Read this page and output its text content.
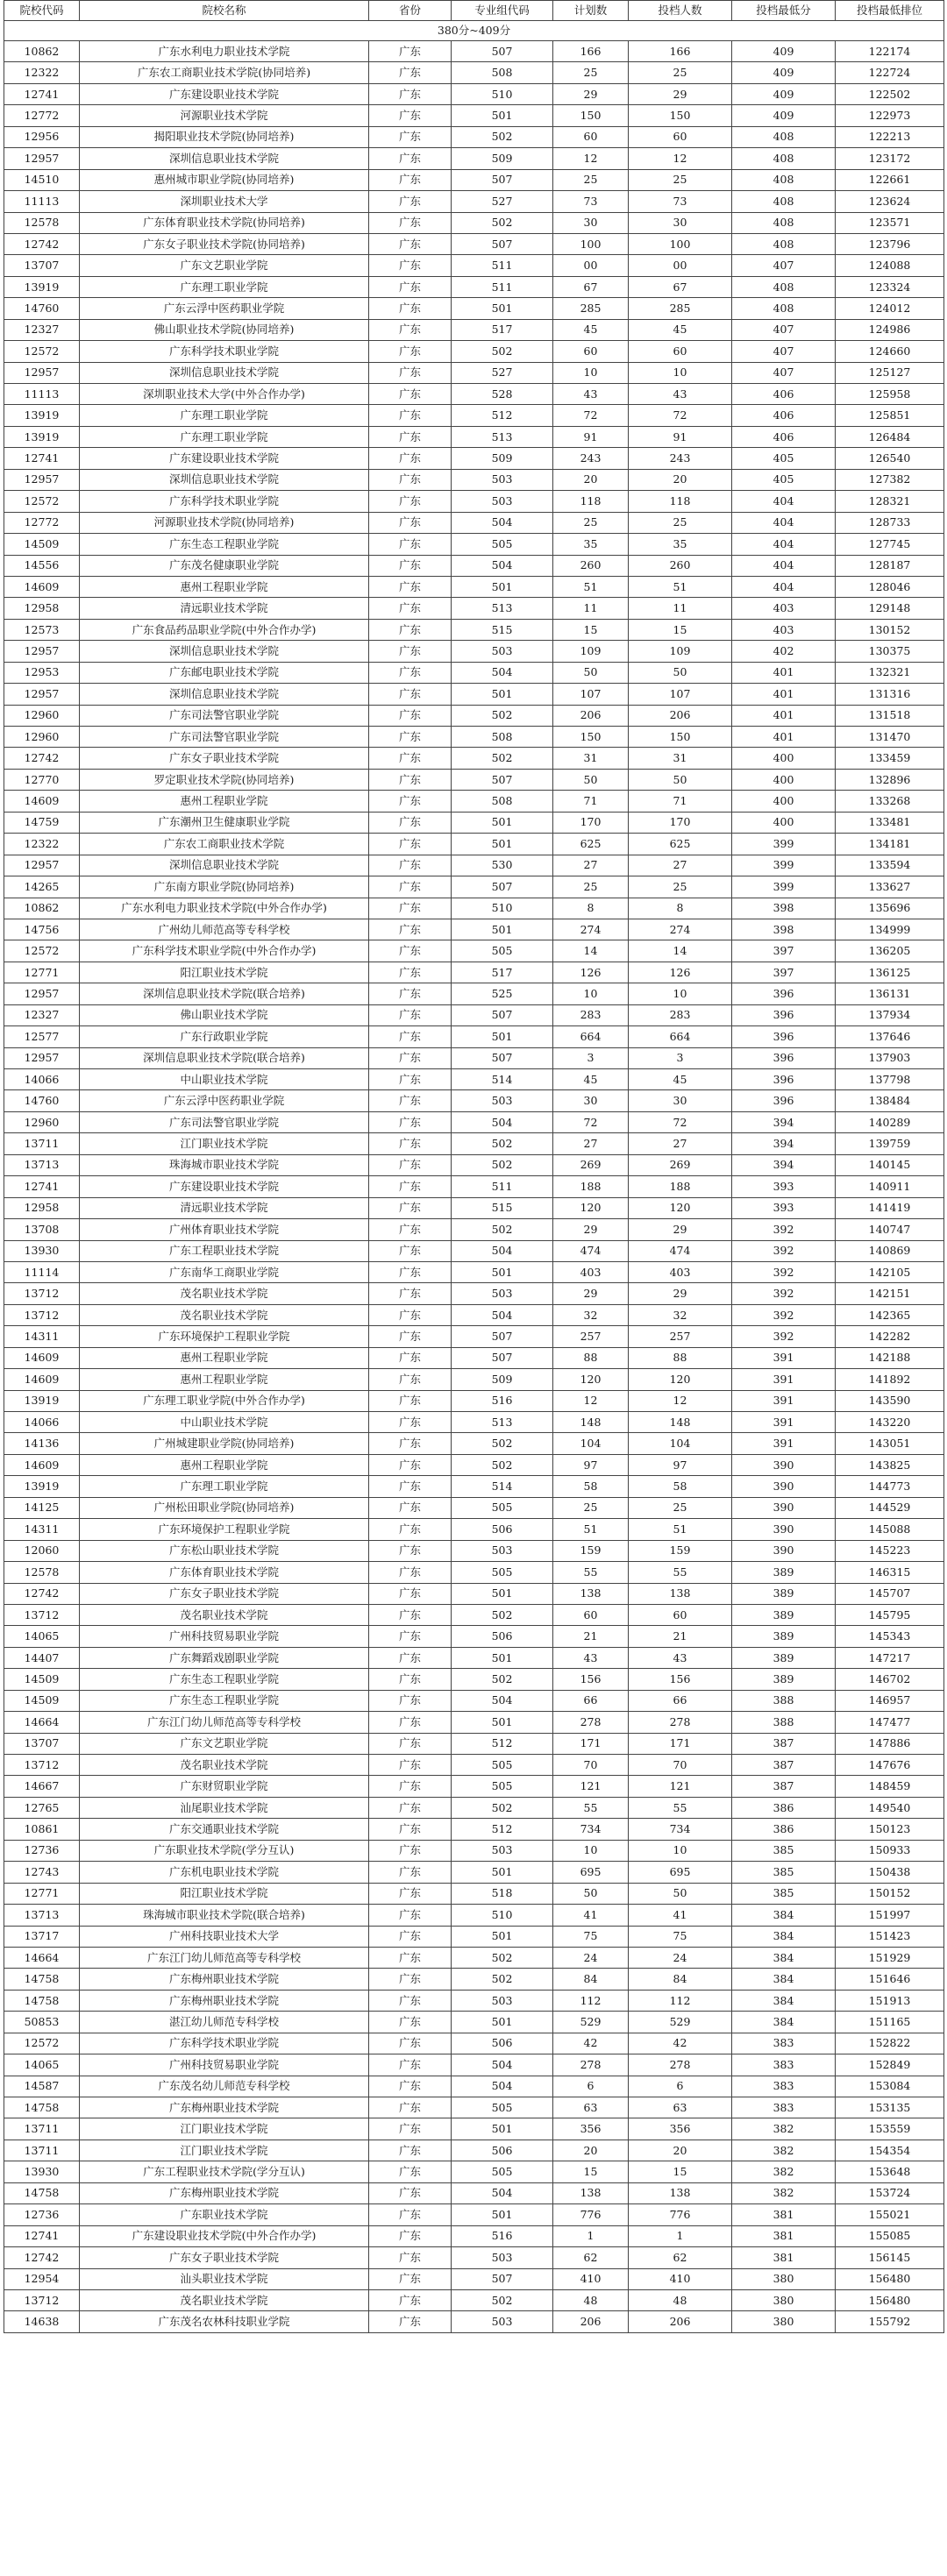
院校代码	院校名称	省份	专业组代码	计划数	投档人数	投档最低分	投档最低排位
380分~409分							
10862	广东水利电力职业技术学院	广东	507	166	166	409	122174
12322	广东农工商职业技术学院(协同培养)	广东	508	25	25	409	122724
12741	广东建设职业技术学院	广东	510	29	29	409	122502
12772	河源职业技术学院	广东	501	150	150	409	122973
12956	揭阳职业技术学院(协同培养)	广东	502	60	60	408	122213
12957	深圳信息职业技术学院	广东	509	12	12	408	123172
14510	惠州城市职业学院(协同培养)	广东	507	25	25	408	122661
11113	深圳职业技术大学	广东	527	73	73	408	123624
12578	广东体育职业技术学院(协同培养)	广东	502	30	30	408	123571
12742	广东女子职业技术学院(协同培养)	广东	507	100	100	408	123796
13707	广东文艺职业学院	广东	511	00	00	407	124088
13919	广东理工职业学院	广东	511	67	67	408	123324
14760	广东云浮中医药职业学院	广东	501	285	285	408	124012
12327	佛山职业技术学院(协同培养)	广东	517	45	45	407	124986
12572	广东科学技术职业学院	广东	502	60	60	407	124660
12957	深圳信息职业技术学院	广东	527	10	10	407	125127
11113	深圳职业技术大学(中外合作办学)	广东	528	43	43	406	125958
13919	广东理工职业学院	广东	512	72	72	406	125851
13919	广东理工职业学院	广东	513	91	91	406	126484
12741	广东建设职业技术学院	广东	509	243	243	405	126540
12957	深圳信息职业技术学院	广东	503	20	20	405	127382
12572	广东科学技术职业学院	广东	503	118	118	404	128321
12772	河源职业技术学院(协同培养)	广东	504	25	25	404	128733
14509	广东生态工程职业学院	广东	505	35	35	404	127745
14556	广东茂名健康职业学院	广东	504	260	260	404	128187
14609	惠州工程职业学院	广东	501	51	51	404	128046
12958	清远职业技术学院	广东	513	11	11	403	129148
12573	广东食品药品职业学院(中外合作办学)	广东	515	15	15	403	130152
12957	深圳信息职业技术学院	广东	503	109	109	402	130375
12953	广东邮电职业技术学院	广东	504	50	50	401	132321
12957	深圳信息职业技术学院	广东	501	107	107	401	131316
12960	广东司法警官职业学院	广东	502	206	206	401	131518
12960	广东司法警官职业学院	广东	508	150	150	401	131470
12742	广东女子职业技术学院	广东	502	31	31	400	133459
12770	罗定职业技术学院(协同培养)	广东	507	50	50	400	132896
14609	惠州工程职业学院	广东	508	71	71	400	133268
14759	广东潮州卫生健康职业学院	广东	501	170	170	400	133481
12322	广东农工商职业技术学院	广东	501	625	625	399	134181
12957	深圳信息职业技术学院	广东	530	27	27	399	133594
14265	广东南方职业学院(协同培养)	广东	507	25	25	399	133627
10862	广东水利电力职业技术学院(中外合作办学)	广东	510	8	8	398	135696
14756	广州幼儿师范高等专科学校	广东	501	274	274	398	134999
12572	广东科学技术职业学院(中外合作办学)	广东	505	14	14	397	136205
12771	阳江职业技术学院	广东	517	126	126	397	136125
12957	深圳信息职业技术学院(联合培养)	广东	525	10	10	396	136131
12327	佛山职业技术学院	广东	507	283	283	396	137934
12577	广东行政职业学院	广东	501	664	664	396	137646
12957	深圳信息职业技术学院(联合培养)	广东	507	3	3	396	137903
14066	中山职业技术学院	广东	514	45	45	396	137798
14760	广东云浮中医药职业学院	广东	503	30	30	396	138484
12960	广东司法警官职业学院	广东	504	72	72	394	140289
13711	江门职业技术学院	广东	502	27	27	394	139759
13713	珠海城市职业技术学院	广东	502	269	269	394	140145
12741	广东建设职业技术学院	广东	511	188	188	393	140911
12958	清远职业技术学院	广东	515	120	120	393	141419
13708	广州体育职业技术学院	广东	502	29	29	392	140747
13930	广东工程职业技术学院	广东	504	474	474	392	140869
11114	广东南华工商职业学院	广东	501	403	403	392	142105
13712	茂名职业技术学院	广东	503	29	29	392	142151
13712	茂名职业技术学院	广东	504	32	32	392	142365
14311	广东环境保护工程职业学院	广东	507	257	257	392	142282
14609	惠州工程职业学院	广东	507	88	88	391	142188
14609	惠州工程职业学院	广东	509	120	120	391	141892
13919	广东理工职业学院(中外合作办学)	广东	516	12	12	391	143590
14066	中山职业技术学院	广东	513	148	148	391	143220
14136	广州城建职业学院(协同培养)	广东	502	104	104	391	143051
14609	惠州工程职业学院	广东	502	97	97	390	143825
13919	广东理工职业学院	广东	514	58	58	390	144773
14125	广州松田职业学院(协同培养)	广东	505	25	25	390	144529
14311	广东环境保护工程职业学院	广东	506	51	51	390	145088
12060	广东松山职业技术学院	广东	503	159	159	390	145223
12578	广东体育职业技术学院	广东	505	55	55	389	146315
12742	广东女子职业技术学院	广东	501	138	138	389	145707
13712	茂名职业技术学院	广东	502	60	60	389	145795
14065	广州科技贸易职业学院	广东	506	21	21	389	145343
14407	广东舞蹈戏剧职业学院	广东	501	43	43	389	147217
14509	广东生态工程职业学院	广东	502	156	156	389	146702
14509	广东生态工程职业学院	广东	504	66	66	388	146957
14664	广东江门幼儿师范高等专科学校	广东	501	278	278	388	147477
13707	广东文艺职业学院	广东	512	171	171	387	147886
13712	茂名职业技术学院	广东	505	70	70	387	147676
14667	广东财贸职业学院	广东	505	121	121	387	148459
12765	汕尾职业技术学院	广东	502	55	55	386	149540
10861	广东交通职业技术学院	广东	512	734	734	386	150123
12736	广东职业技术学院(学分互认)	广东	503	10	10	385	150933
12743	广东机电职业技术学院	广东	501	695	695	385	150438
12771	阳江职业技术学院	广东	518	50	50	385	150152
13713	珠海城市职业技术学院(联合培养)	广东	510	41	41	384	151997
13717	广州科技职业技术大学	广东	501	75	75	384	151423
14664	广东江门幼儿师范高等专科学校	广东	502	24	24	384	151929
14758	广东梅州职业技术学院	广东	502	84	84	384	151646
14758	广东梅州职业技术学院	广东	503	112	112	384	151913
50853	湛江幼儿师范专科学校	广东	501	529	529	384	151165
12572	广东科学技术职业学院	广东	506	42	42	383	152822
14065	广州科技贸易职业学院	广东	504	278	278	383	152849
14587	广东茂名幼儿师范专科学校	广东	504	6	6	383	153084
14758	广东梅州职业技术学院	广东	505	63	63	383	153135
13711	江门职业技术学院	广东	501	356	356	382	153559
13711	江门职业技术学院	广东	506	20	20	382	154354
13930	广东工程职业技术学院(学分互认)	广东	505	15	15	382	153648
14758	广东梅州职业技术学院	广东	504	138	138	382	153724
12736	广东职业技术学院	广东	501	776	776	381	155021
12741	广东建设职业技术学院(中外合作办学)	广东	516	1	1	381	155085
12742	广东女子职业技术学院	广东	503	62	62	381	156145
12954	汕头职业技术学院	广东	507	410	410	380	156480
13712	茂名职业技术学院	广东	502	48	48	380	156480
14638	广东茂名农林科技职业学院	广东	503	206	206	380	155792
